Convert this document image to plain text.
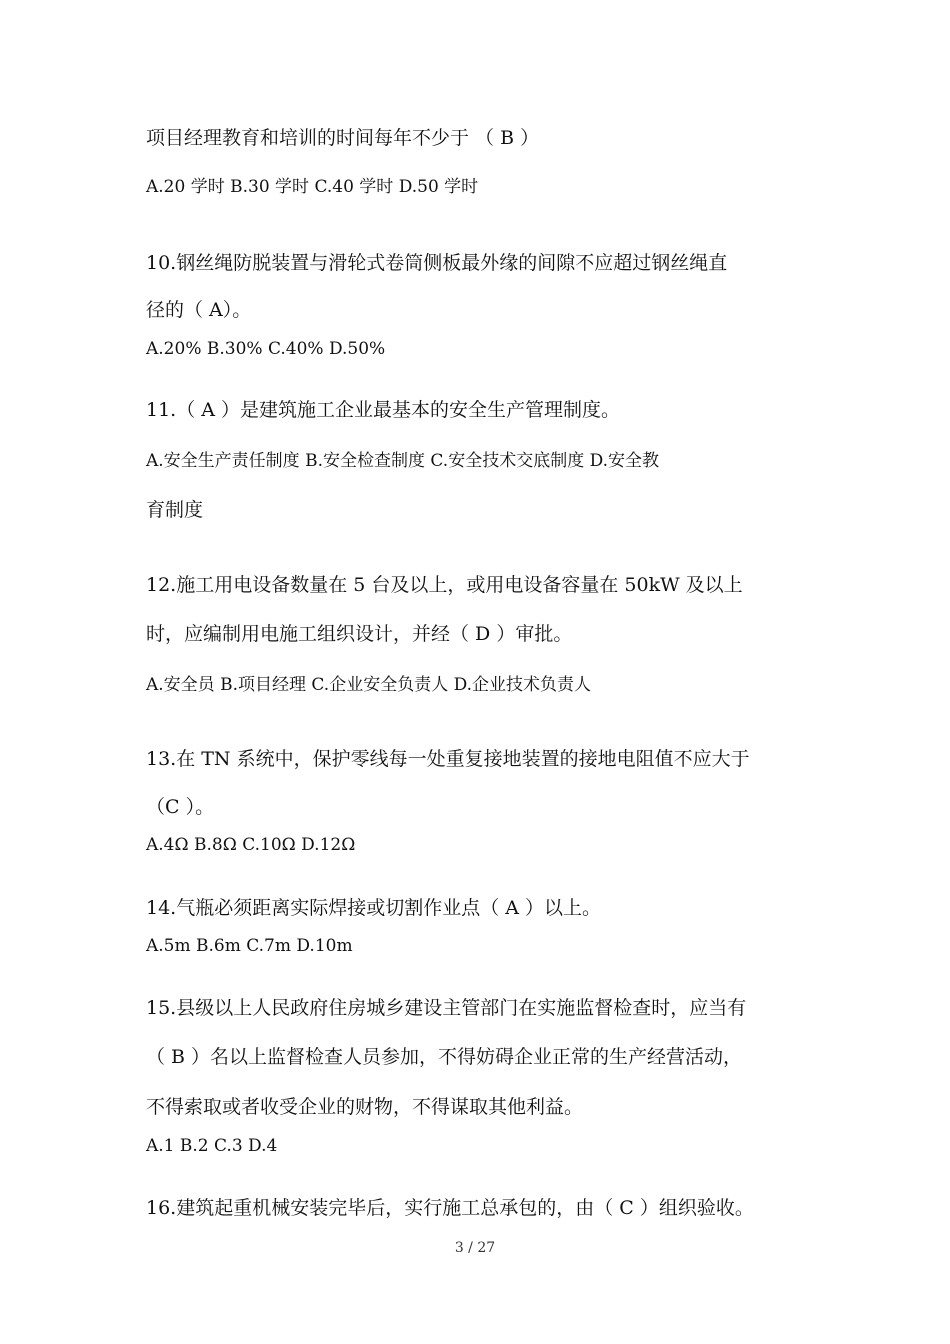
项目经理教育和培训的时间每年不少于 （ B ）
A.20 学时 B.30 学时 C.40 学时 D.50 学时
10.钢丝绳防脱装置与滑轮式卷筒侧板最外缘的间隙不应超过钢丝绳直
径的（ A）。
A.20% B.30% C.40% D.50%
11.（ A ）是建筑施工企业最基本的安全生产管理制度。
A.安全生产责任制度 B.安全检查制度 C.安全技术交底制度 D.安全教
育制度
12.施工用电设备数量在 5 台及以上，或用电设备容量在 50kW 及以上
时，应编制用电施工组织设计，并经（ D ）审批。
A.安全员 B.项目经理 C.企业安全负责人 D.企业技术负责人
13.在 TN 系统中，保护零线每一处重复接地装置的接地电阻值不应大于
（C ）。
A.4Ω B.8Ω C.10Ω D.12Ω
14.气瓶必须距离实际焊接或切割作业点（ A ）以上。
A.5m B.6m C.7m D.10m
15.县级以上人民政府住房城乡建设主管部门在实施监督检查时，应当有
（ B ）名以上监督检查人员参加，不得妨碍企业正常的生产经营活动，
不得索取或者收受企业的财物，不得谋取其他利益。
A.1 B.2 C.3 D.4
16.建筑起重机械安装完毕后，实行施工总承包的，由（ C ）组织验收。
3 / 27
